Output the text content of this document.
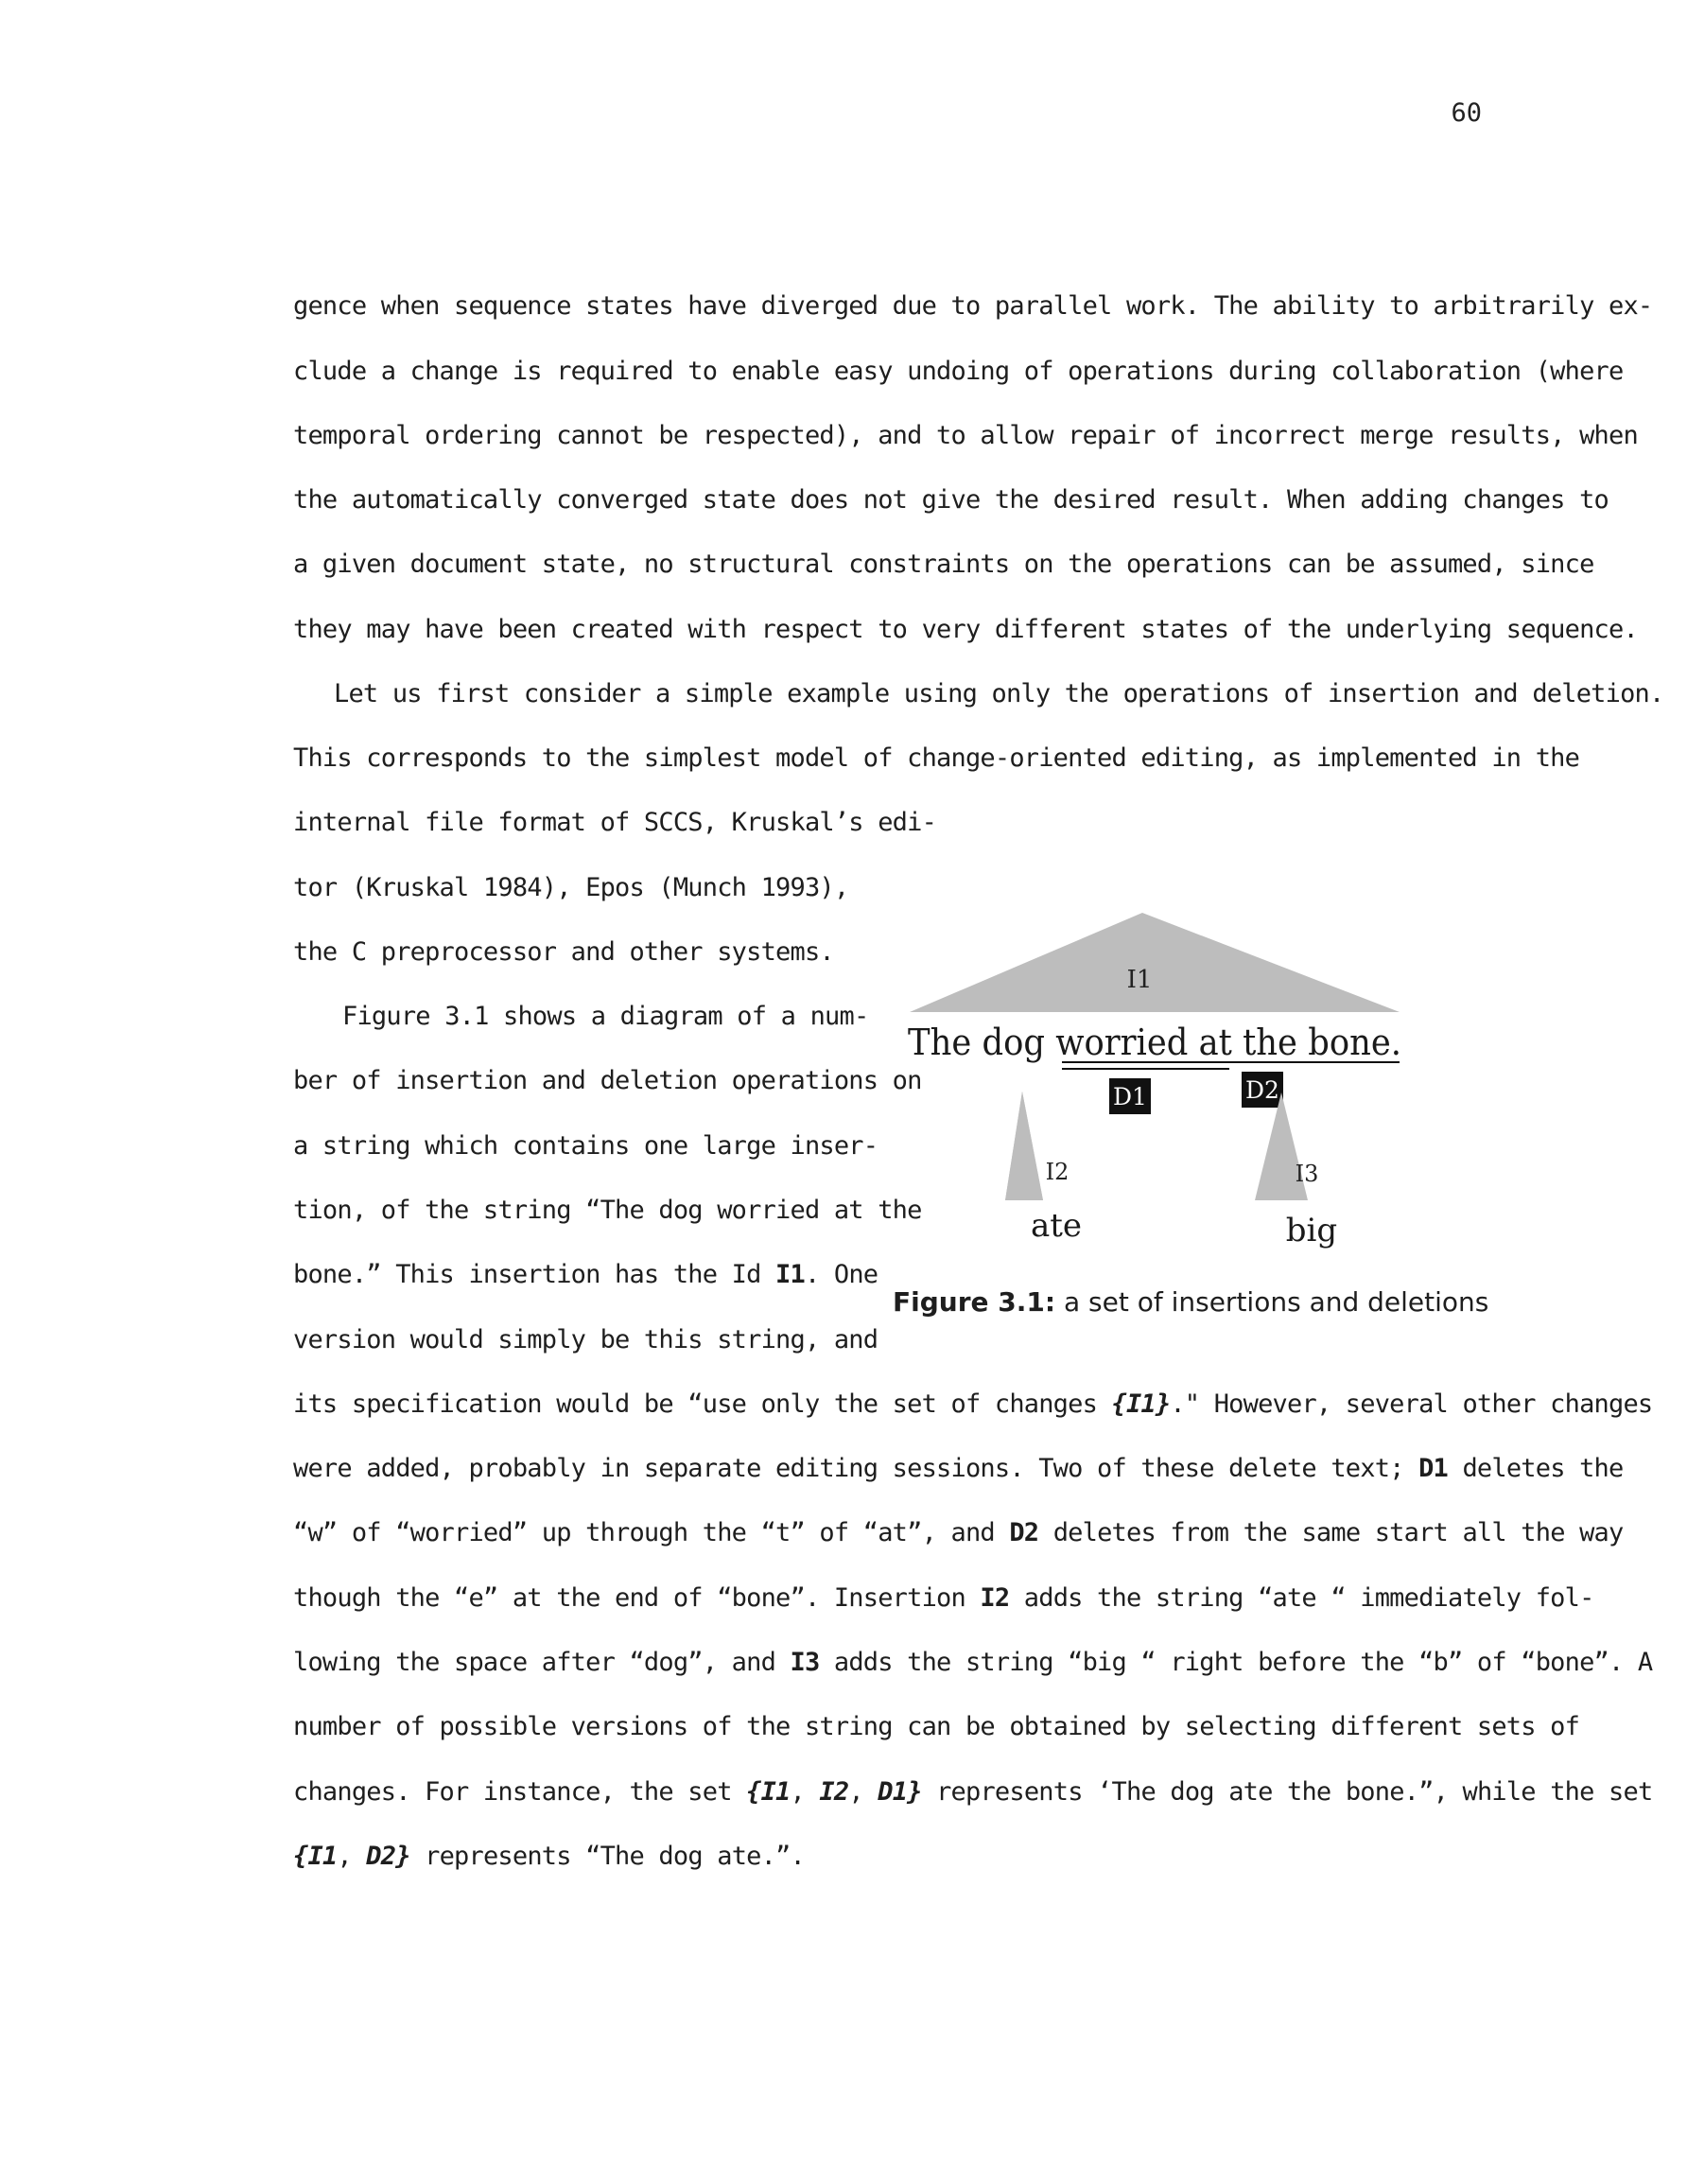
60
gence when sequence states have diverged due to parallel work. The ability to arbitrarily ex-
clude a change is required to enable easy undoing of operations during collaboration (where
temporal ordering cannot be respected), and to allow repair of incorrect merge results, when
the automatically converged state does not give the desired result. When adding changes to
a given document state, no structural constraints on the operations can be assumed, since
they may have been created with respect to very different states of the underlying sequence.
Let us first consider a simple example using only the operations of insertion and deletion.
This corresponds to the simplest model of change-oriented editing, as implemented in the
internal file format of SCCS, Kruskal’s edi-
tor (Kruskal 1984), Epos (Munch 1993),
the C preprocessor and other systems.
Figure 3.1 shows a diagram of a num-
ber of insertion and deletion operations on
a string which contains one large inser-
tion, of the string “The dog worried at the
bone.” This insertion has the Id I1. One
version would simply be this string, and
its specification would be “use only the set of changes {I1}." However, several other changes
were added, probably in separate editing sessions. Two of these delete text; D1 deletes the
“w” of “worried” up through the “t” of “at”, and D2 deletes from the same start all the way
though the “e” at the end of “bone”. Insertion I2 adds the string “ate “ immediately fol-
lowing the space after “dog”, and I3 adds the string “big “ right before the “b” of “bone”. A
number of possible versions of the string can be obtained by selecting different sets of
changes. For instance, the set {I1, I2, D1} represents ‘The dog ate the bone.”, while the set
{I1, D2} represents “The dog ate.”.
I1
The dog worried at the bone.
D1	D2
I2
ate
I3
big
Figure 3.1: a set of insertions and deletions
